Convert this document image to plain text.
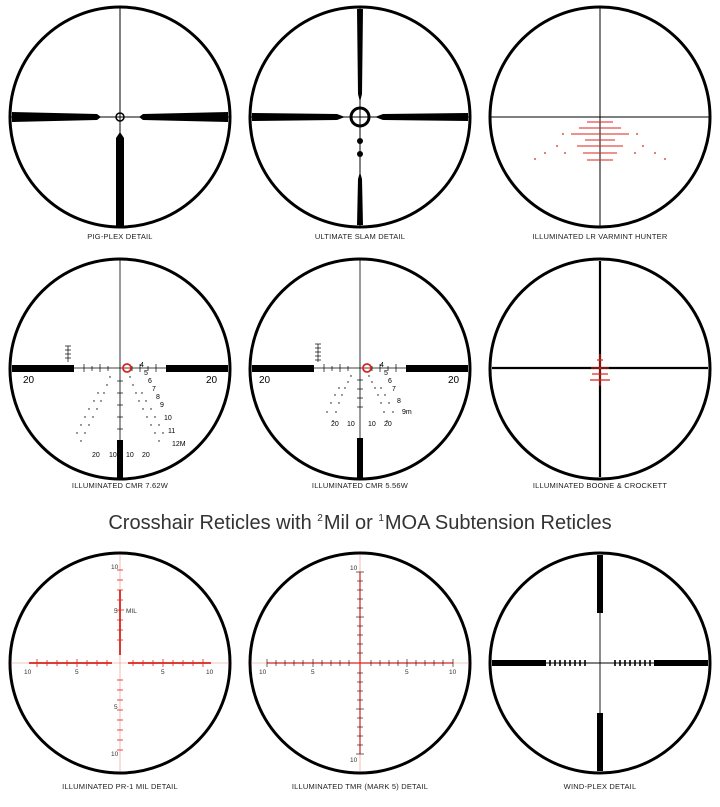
PIG-PLEX DETAIL	ULTIMATE SLAM DETAIL	ILLUMINATED LR VARMINT HUNTER
20	20
4
5
6
7
8
9
10
11
12M
20 10 10 20
ILLUMINATED CMR 7.62W
20	20
4
5
6
7
8
9m
20 10 10 20
ILLUMINATED CMR 5.56W	ILLUMINATED BOONE & CROCKETT
Crosshair Reticles with $^2$Mil or $^1$MOA Subtension Reticles
10
5 MIL
5
10
10	5	5	10
ILLUMINATED PR-1 MIL DETAIL
10
10
10	5	5	10
ILLUMINATED TMR (MARK 5) DETAIL	WIND-PLEX DETAIL
